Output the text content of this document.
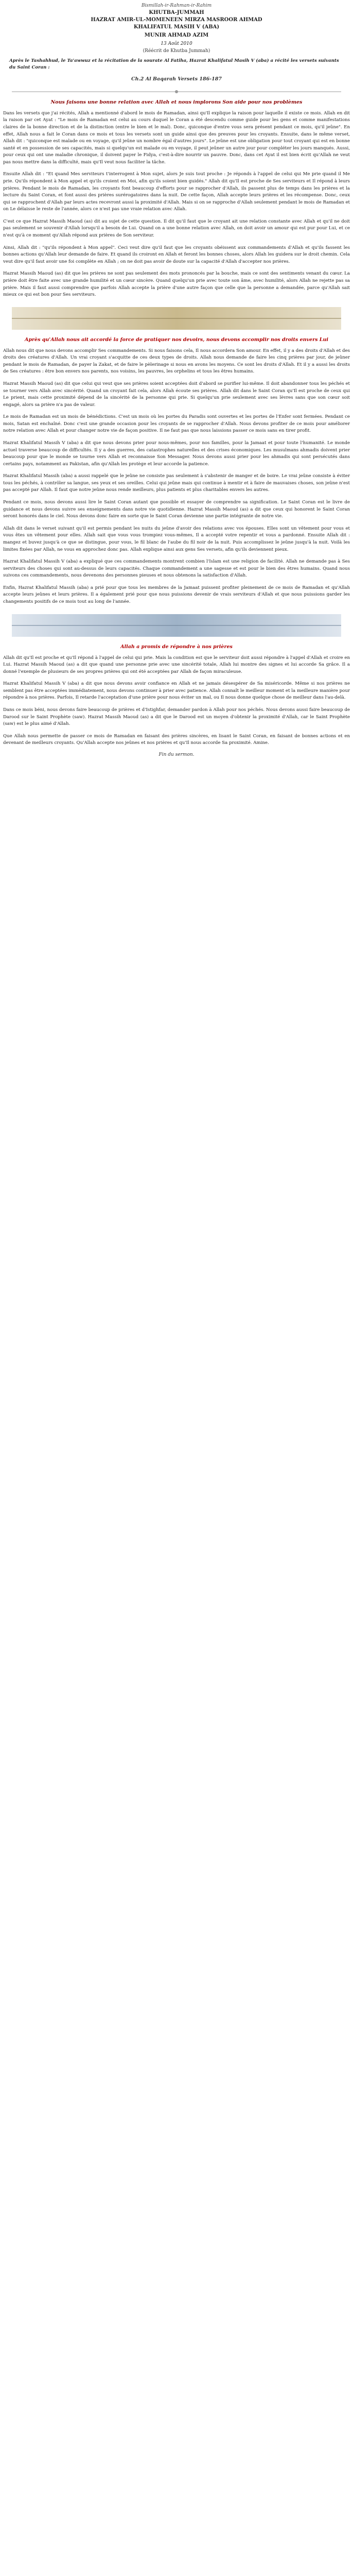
Bismillah-ir-Rahman-ir-Rahim
KHUTBA-JUMMAH
HAZRAT AMIR-UL-MOMENEEN MIRZA MASROOR AHMAD
KHALIFATUL MASIH V (ABA)
MUNIR AHMAD AZIM
13 Août 2010
(Réécrit de Khutba Jummah)
Après le Tashahhud, le Ta'awwuz et la récitation de la sourate Al Fatiha, Hazrat Khalifatul Masih V (aba) a récité les versets suivants du Saint Coran :
Ch.2 Al Baqarah Versets 186-187
Nous faisons une bonne relation avec Allah et nous implorons Son aide pour nos problèmes

Dans les versets que j'ai récités, Allah a mentionné d'abord le mois de Ramadan, ainsi qu'Il explique la raison pour laquelle il existe ce mois. Allah en dit la raison par cet Ayat : "Le mois de Ramadan est celui au cours duquel le Coran a été descendu comme guide pour les gens et comme manifestations claires de la bonne direction et de la distinction (entre le bien et le mal). Donc, quiconque d'entre vous sera présent pendant ce mois, qu'il jeûne". En effet, Allah nous a fait le Coran dans ce mois et tous les versets sont un guide ainsi que des preuves pour les croyants. Ensuite, dans le même verset, Allah dit : "quiconque est malade ou en voyage, qu'il jeûne un nombre égal d'autres jours". Le jeûne est une obligation pour tout croyant qui est en bonne santé et en possession de ses capacités, mais si quelqu'un est malade ou en voyage, il peut jeûner un autre jour pour compléter les jours manqués. Aussi, pour ceux qui ont une maladie chronique, il doivent payer le Fidya, c'est-à-dire nourrir un pauvre. Donc, dans cet Ayat il est bien écrit qu'Allah ne veut pas nous mettre dans la difficulté, mais qu'Il veut nous faciliter la tâche.

Ensuite Allah dit : "Et quand Mes serviteurs t'interrogent à Mon sujet, alors Je suis tout proche : Je réponds à l'appel de celui qui Me prie quand il Me prie. Qu'ils répondent à Mon appel et qu'ils croient en Moi, afin qu'ils soient bien guidés." Allah dit qu'Il est proche de Ses serviteurs et Il répond à leurs prières. Pendant le mois de Ramadan, les croyants font beaucoup d'efforts pour se rapprocher d'Allah, ils passent plus de temps dans les prières et la lecture du Saint Coran, et font aussi des prières surérogatoires dans la nuit. De cette façon, Allah accepte leurs prières et les récompense. Donc, ceux qui se rapprochent d'Allah par leurs actes recevront aussi la proximité d'Allah. Mais si on se rapproche d'Allah seulement pendant le mois de Ramadan et on Le délaisse le reste de l'année, alors ce n'est pas une vraie relation avec Allah.

C'est ce que Hazrat Massih Maoud (as) dit au sujet de cette question. Il dit qu'il faut que le croyant ait une relation constante avec Allah et qu'il ne doit pas seulement se souvenir d'Allah lorsqu'il a besoin de Lui. Quand on a une bonne relation avec Allah, on doit avoir un amour qui est pur pour Lui, et ce n'est qu'à ce moment qu'Allah répond aux prières de Son serviteur.

Ainsi, Allah dit : "qu'ils répondent à Mon appel". Ceci veut dire qu'il faut que les croyants obéissent aux commandements d'Allah et qu'ils fassent les bonnes actions qu'Allah leur demande de faire. Et quand ils croiront en Allah et feront les bonnes choses, alors Allah les guidera sur le droit chemin. Cela veut dire qu'il faut avoir une foi complète en Allah ; on ne doit pas avoir de doute sur la capacité d'Allah d'accepter nos prières.

Hazrat Massih Maoud (as) dit que les prières ne sont pas seulement des mots prononcés par la bouche, mais ce sont des sentiments venant du cœur. La prière doit être faite avec une grande humilité et un cœur sincère. Quand quelqu'un prie avec toute son âme, avec humilité, alors Allah ne rejette pas sa prière. Mais il faut aussi comprendre que parfois Allah accepte la prière d'une autre façon que celle que la personne a demandée, parce qu'Allah sait mieux ce qui est bon pour Ses serviteurs.

Après qu'Allah nous ait accordé la force de pratiquer nos devoirs, nous devons accomplir nos droits envers Lui

Allah nous dit que nous devons accomplir Ses commandements. Si nous faisons cela, Il nous accordera Son amour. En effet, il y a des droits d'Allah et des droits des créatures d'Allah. Un vrai croyant s'acquitte de ces deux types de droits. Allah nous demande de faire les cinq prières par jour, de jeûner pendant le mois de Ramadan, de payer la Zakat, et de faire le pèlerinage si nous en avons les moyens. Ce sont les droits d'Allah. Et il y a aussi les droits de Ses créatures : être bon envers nos parents, nos voisins, les pauvres, les orphelins et tous les êtres humains.

Hazrat Massih Maoud (as) dit que celui qui veut que ses prières soient acceptées doit d'abord se purifier lui-même. Il doit abandonner tous les péchés et se tourner vers Allah avec sincérité. Quand un croyant fait cela, alors Allah écoute ses prières. Allah dit dans le Saint Coran qu'Il est proche de ceux qui Le prient, mais cette proximité dépend de la sincérité de la personne qui prie. Si quelqu'un prie seulement avec ses lèvres sans que son cœur soit engagé, alors sa prière n'a pas de valeur.

Le mois de Ramadan est un mois de bénédictions. C'est un mois où les portes du Paradis sont ouvertes et les portes de l'Enfer sont fermées. Pendant ce mois, Satan est enchaîné. Donc c'est une grande occasion pour les croyants de se rapprocher d'Allah. Nous devons profiter de ce mois pour améliorer notre relation avec Allah et pour changer notre vie de façon positive. Il ne faut pas que nous laissions passer ce mois sans en tirer profit.

Hazrat Khalifatul Massih V (aba) a dit que nous devons prier pour nous-mêmes, pour nos familles, pour la Jamaat et pour toute l'humanité. Le monde actuel traverse beaucoup de difficultés. Il y a des guerres, des catastrophes naturelles et des crises économiques. Les musulmans ahmadis doivent prier beaucoup pour que le monde se tourne vers Allah et reconnaisse Son Messager. Nous devons aussi prier pour les ahmadis qui sont persécutés dans certains pays, notamment au Pakistan, afin qu'Allah les protège et leur accorde la patience.

Hazrat Khalifatul Massih (aba) a aussi rappelé que le jeûne ne consiste pas seulement à s'abstenir de manger et de boire. Le vrai jeûne consiste à éviter tous les péchés, à contrôler sa langue, ses yeux et ses oreilles. Celui qui jeûne mais qui continue à mentir et à faire de mauvaises choses, son jeûne n'est pas accepté par Allah. Il faut que notre jeûne nous rende meilleurs, plus patients et plus charitables envers les autres.

Pendant ce mois, nous devons aussi lire le Saint Coran autant que possible et essayer de comprendre sa signification. Le Saint Coran est le livre de guidance et nous devons suivre ses enseignements dans notre vie quotidienne. Hazrat Massih Maoud (as) a dit que ceux qui honorent le Saint Coran seront honorés dans le ciel. Nous devons donc faire en sorte que le Saint Coran devienne une partie intégrante de notre vie.

Allah dit dans le verset suivant qu'il est permis pendant les nuits du jeûne d'avoir des relations avec vos épouses. Elles sont un vêtement pour vous et vous êtes un vêtement pour elles. Allah sait que vous vous trompiez vous-mêmes, Il a accepté votre repentir et vous a pardonné. Ensuite Allah dit : mangez et buvez jusqu'à ce que se distingue, pour vous, le fil blanc de l'aube du fil noir de la nuit. Puis accomplissez le jeûne jusqu'à la nuit. Voilà les limites fixées par Allah, ne vous en approchez donc pas. Allah explique ainsi aux gens Ses versets, afin qu'ils deviennent pieux.

Hazrat Khalifatul Massih V (aba) a expliqué que ces commandements montrent combien l'Islam est une religion de facilité. Allah ne demande pas à Ses serviteurs des choses qui sont au-dessus de leurs capacités. Chaque commandement a une sagesse et est pour le bien des êtres humains. Quand nous suivons ces commandements, nous devenons des personnes pieuses et nous obtenons la satisfaction d'Allah.

Enfin, Hazrat Khalifatul Massih (aba) a prié pour que tous les membres de la Jamaat puissent profiter pleinement de ce mois de Ramadan et qu'Allah accepte leurs jeûnes et leurs prières. Il a également prié pour que nous puissions devenir de vrais serviteurs d'Allah et que nous puissions garder les changements positifs de ce mois tout au long de l'année.

Allah a promis de répondre à nos prières

Allah dit qu'Il est proche et qu'Il répond à l'appel de celui qui prie. Mais la condition est que le serviteur doit aussi répondre à l'appel d'Allah et croire en Lui. Hazrat Massih Maoud (as) a dit que quand une personne prie avec une sincérité totale, Allah lui montre des signes et lui accorde Sa grâce. Il a donné l'exemple de plusieurs de ses propres prières qui ont été acceptées par Allah de façon miraculeuse.

Hazrat Khalifatul Massih V (aba) a dit que nous devons avoir confiance en Allah et ne jamais désespérer de Sa miséricorde. Même si nos prières ne semblent pas être acceptées immédiatement, nous devons continuer à prier avec patience. Allah connaît le meilleur moment et la meilleure manière pour répondre à nos prières. Parfois, Il retarde l'acceptation d'une prière pour nous éviter un mal, ou Il nous donne quelque chose de meilleur dans l'au-delà.

Dans ce mois béni, nous devons faire beaucoup de prières et d'Istighfar, demander pardon à Allah pour nos péchés. Nous devons aussi faire beaucoup de Darood sur le Saint Prophète (saw). Hazrat Massih Maoud (as) a dit que le Darood est un moyen d'obtenir la proximité d'Allah, car le Saint Prophète (saw) est le plus aimé d'Allah.

Que Allah nous permette de passer ce mois de Ramadan en faisant des prières sincères, en lisant le Saint Coran, en faisant de bonnes actions et en devenant de meilleurs croyants. Qu'Allah accepte nos jeûnes et nos prières et qu'Il nous accorde Sa proximité. Amine.

Fin du sermon.
